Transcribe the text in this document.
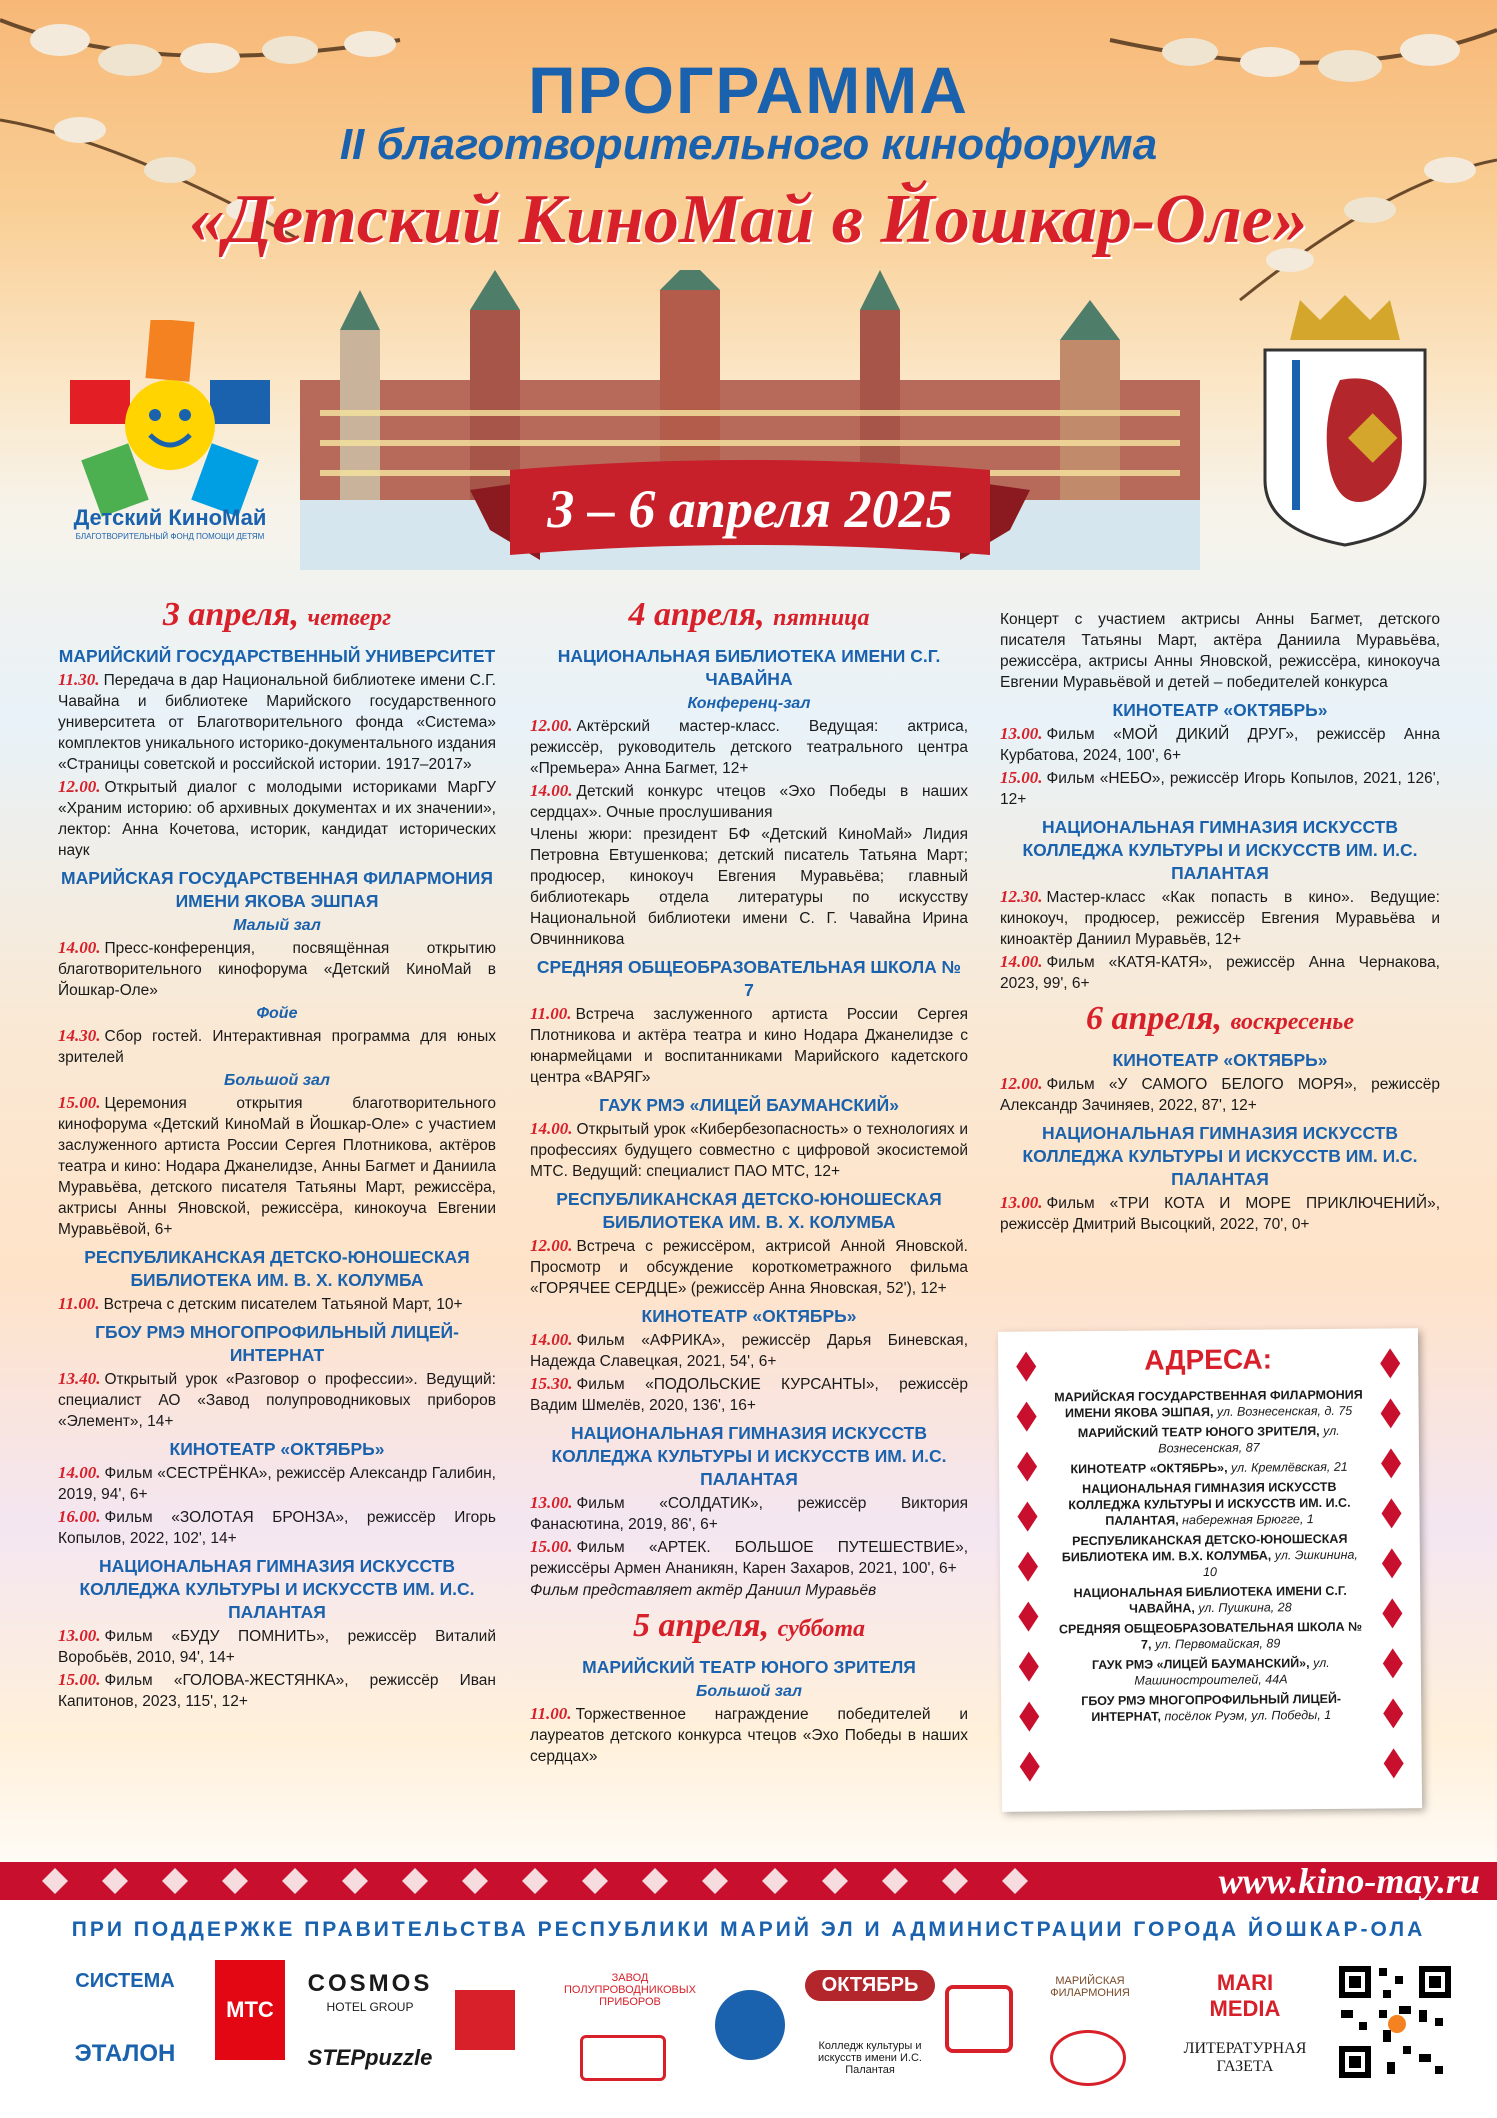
ПРОГРАММА
II благотворительного кинофорума
«Детский КиноМай в Йошкар-Оле»
3 – 6 апреля 2025
Детский КиноМай
БЛАГОТВОРИТЕЛЬНЫЙ ФОНД ПОМОЩИ ДЕТЯМ
3 апреля, четверг
МАРИЙСКИЙ ГОСУДАРСТВЕННЫЙ УНИВЕРСИТЕТ
11.30. Передача в дар Национальной библиотеке имени С.Г. Чавайна и библиотеке Марийского государственного университета от Благотворительного фонда «Система» комплектов уникального историко-документального издания «Страницы советской и российской истории. 1917–2017»
12.00. Открытый диалог с молодыми историками МарГУ «Храним историю: об архивных документах и их значении», лектор: Анна Кочетова, историк, кандидат исторических наук
МАРИЙСКАЯ ГОСУДАРСТВЕННАЯ ФИЛАРМОНИЯ ИМЕНИ ЯКОВА ЭШПАЯ
Малый зал
14.00. Пресс-конференция, посвящённая открытию благотворительного кинофорума «Детский КиноМай в Йошкар-Оле»
Фойе
14.30. Сбор гостей. Интерактивная программа для юных зрителей
Большой зал
15.00. Церемония открытия благотворительного кинофорума «Детский КиноМай в Йошкар-Оле» с участием заслуженного артиста России Сергея Плотникова, актёров театра и кино: Нодара Джанелидзе, Анны Багмет и Даниила Муравьёва, детского писателя Татьяны Март, режиссёра, актрисы Анны Яновской, режиссёра, кинокоуча Евгении Муравьёвой, 6+
РЕСПУБЛИКАНСКАЯ ДЕТСКО-ЮНОШЕСКАЯ БИБЛИОТЕКА ИМ. В. Х. КОЛУМБА
11.00. Встреча с детским писателем Татьяной Март, 10+
ГБОУ РМЭ МНОГОПРОФИЛЬНЫЙ ЛИЦЕЙ-ИНТЕРНАТ
13.40. Открытый урок «Разговор о профессии». Ведущий: специалист АО «Завод полупроводниковых приборов «Элемент», 14+
КИНОТЕАТР «ОКТЯБРЬ»
14.00. Фильм «СЕСТРЁНКА», режиссёр Александр Галибин, 2019, 94', 6+
16.00. Фильм «ЗОЛОТАЯ БРОНЗА», режиссёр Игорь Копылов, 2022, 102', 14+
НАЦИОНАЛЬНАЯ ГИМНАЗИЯ ИСКУССТВ КОЛЛЕДЖА КУЛЬТУРЫ И ИСКУССТВ ИМ. И.С. ПАЛАНТАЯ
13.00. Фильм «БУДУ ПОМНИТЬ», режиссёр Виталий Воробьёв, 2010, 94', 14+
15.00. Фильм «ГОЛОВА-ЖЕСТЯНКА», режиссёр Иван Капитонов, 2023, 115', 12+
4 апреля, пятница
НАЦИОНАЛЬНАЯ БИБЛИОТЕКА ИМЕНИ С.Г. ЧАВАЙНА
Конференц-зал
12.00. Актёрский мастер-класс. Ведущая: актриса, режиссёр, руководитель детского театрального центра «Премьера» Анна Багмет, 12+
14.00. Детский конкурс чтецов «Эхо Победы в наших сердцах». Очные прослушивания
Члены жюри: президент БФ «Детский КиноМай» Лидия Петровна Евтушенкова; детский писатель Татьяна Март; продюсер, кинокоуч Евгения Муравьёва; главный библиотекарь отдела литературы по искусству Национальной библиотеки имени С. Г. Чавайна Ирина Овчинникова
СРЕДНЯЯ ОБЩЕОБРАЗОВАТЕЛЬНАЯ ШКОЛА № 7
11.00. Встреча заслуженного артиста России Сергея Плотникова и актёра театра и кино Нодара Джанелидзе с юнармейцами и воспитанниками Марийского кадетского центра «ВАРЯГ»
ГАУК РМЭ «ЛИЦЕЙ БАУМАНСКИЙ»
14.00. Открытый урок «Кибербезопасность» о технологиях и профессиях будущего совместно с цифровой экосистемой МТС. Ведущий: специалист ПАО МТС, 12+
РЕСПУБЛИКАНСКАЯ ДЕТСКО-ЮНОШЕСКАЯ БИБЛИОТЕКА ИМ. В. Х. КОЛУМБА
12.00. Встреча с режиссёром, актрисой Анной Яновской. Просмотр и обсуждение короткометражного фильма «ГОРЯЧЕЕ СЕРДЦЕ» (режиссёр Анна Яновская, 52'), 12+
КИНОТЕАТР «ОКТЯБРЬ»
14.00. Фильм «АФРИКА», режиссёр Дарья Биневская, Надежда Славецкая, 2021, 54', 6+
15.30. Фильм «ПОДОЛЬСКИЕ КУРСАНТЫ», режиссёр Вадим Шмелёв, 2020, 136', 16+
НАЦИОНАЛЬНАЯ ГИМНАЗИЯ ИСКУССТВ КОЛЛЕДЖА КУЛЬТУРЫ И ИСКУССТВ ИМ. И.С. ПАЛАНТАЯ
13.00. Фильм «СОЛДАТИК», режиссёр Виктория Фанасютина, 2019, 86', 6+
15.00. Фильм «АРТЕК. БОЛЬШОЕ ПУТЕШЕСТВИЕ», режиссёры Армен Ананикян, Карен Захаров, 2021, 100', 6+
Фильм представляет актёр Даниил Муравьёв
5 апреля, суббота
МАРИЙСКИЙ ТЕАТР ЮНОГО ЗРИТЕЛЯ
Большой зал
11.00. Торжественное награждение победителей и лауреатов детского конкурса чтецов «Эхо Победы в наших сердцах»
Концерт с участием актрисы Анны Багмет, детского писателя Татьяны Март, актёра Даниила Муравьёва, режиссёра, актрисы Анны Яновской, режиссёра, кинокоуча Евгении Муравьёвой и детей – победителей конкурса
КИНОТЕАТР «ОКТЯБРЬ»
13.00. Фильм «МОЙ ДИКИЙ ДРУГ», режиссёр Анна Курбатова, 2024, 100', 6+
15.00. Фильм «НЕБО», режиссёр Игорь Копылов, 2021, 126', 12+
НАЦИОНАЛЬНАЯ ГИМНАЗИЯ ИСКУССТВ КОЛЛЕДЖА КУЛЬТУРЫ И ИСКУССТВ ИМ. И.С. ПАЛАНТАЯ
12.30. Мастер-класс «Как попасть в кино». Ведущие: кинокоуч, продюсер, режиссёр Евгения Муравьёва и киноактёр Даниил Муравьёв, 12+
14.00. Фильм «КАТЯ-КАТЯ», режиссёр Анна Чернакова, 2023, 99', 6+
6 апреля, воскресенье
КИНОТЕАТР «ОКТЯБРЬ»
12.00. Фильм «У САМОГО БЕЛОГО МОРЯ», режиссёр Александр Зачиняев, 2022, 87', 12+
НАЦИОНАЛЬНАЯ ГИМНАЗИЯ ИСКУССТВ КОЛЛЕДЖА КУЛЬТУРЫ И ИСКУССТВ ИМ. И.С. ПАЛАНТАЯ
13.00. Фильм «ТРИ КОТА И МОРЕ ПРИКЛЮЧЕНИЙ», режиссёр Дмитрий Высоцкий, 2022, 70', 0+
АДРЕСА:
МАРИЙСКАЯ ГОСУДАРСТВЕННАЯ ФИЛАРМОНИЯ ИМЕНИ ЯКОВА ЭШПАЯ, ул. Вознесенская, д. 75
МАРИЙСКИЙ ТЕАТР ЮНОГО ЗРИТЕЛЯ, ул. Вознесенская, 87
КИНОТЕАТР «ОКТЯБРЬ», ул. Кремлёвская, 21
НАЦИОНАЛЬНАЯ ГИМНАЗИЯ ИСКУССТВ КОЛЛЕДЖА КУЛЬТУРЫ И ИСКУССТВ ИМ. И.С. ПАЛАНТАЯ, набережная Брюгге, 1
РЕСПУБЛИКАНСКАЯ ДЕТСКО-ЮНОШЕСКАЯ БИБЛИОТЕКА ИМ. В.Х. КОЛУМБА, ул. Эшкинина, 10
НАЦИОНАЛЬНАЯ БИБЛИОТЕКА ИМЕНИ С.Г. ЧАВАЙНА, ул. Пушкина, 28
СРЕДНЯЯ ОБЩЕОБРАЗОВАТЕЛЬНАЯ ШКОЛА № 7, ул. Первомайская, 89
ГАУК РМЭ «ЛИЦЕЙ БАУМАНСКИЙ», ул. Машиностроителей, 44А
ГБОУ РМЭ МНОГОПРОФИЛЬНЫЙ ЛИЦЕЙ-ИНТЕРНАТ, посёлок Руэм, ул. Победы, 1
www.kino-may.ru
ПРИ ПОДДЕРЖКЕ ПРАВИТЕЛЬСТВА РЕСПУБЛИКИ МАРИЙ ЭЛ И АДМИНИСТРАЦИИ ГОРОДА ЙОШКАР-ОЛА
СИСТЕМА
ЭТАЛОН
МТС
COSMOS
HOTEL GROUP
STEPpuzzle
ЗАВОД ПОЛУПРОВОДНИКОВЫХ ПРИБОРОВ
ОКТЯБРЬ
Колледж культуры и искусств имени И.С. Палантая
МАРИЙСКАЯ ФИЛАРМОНИЯ	MARI MEDIA
ЛИТЕРАТУРНАЯ ГАЗЕТА
